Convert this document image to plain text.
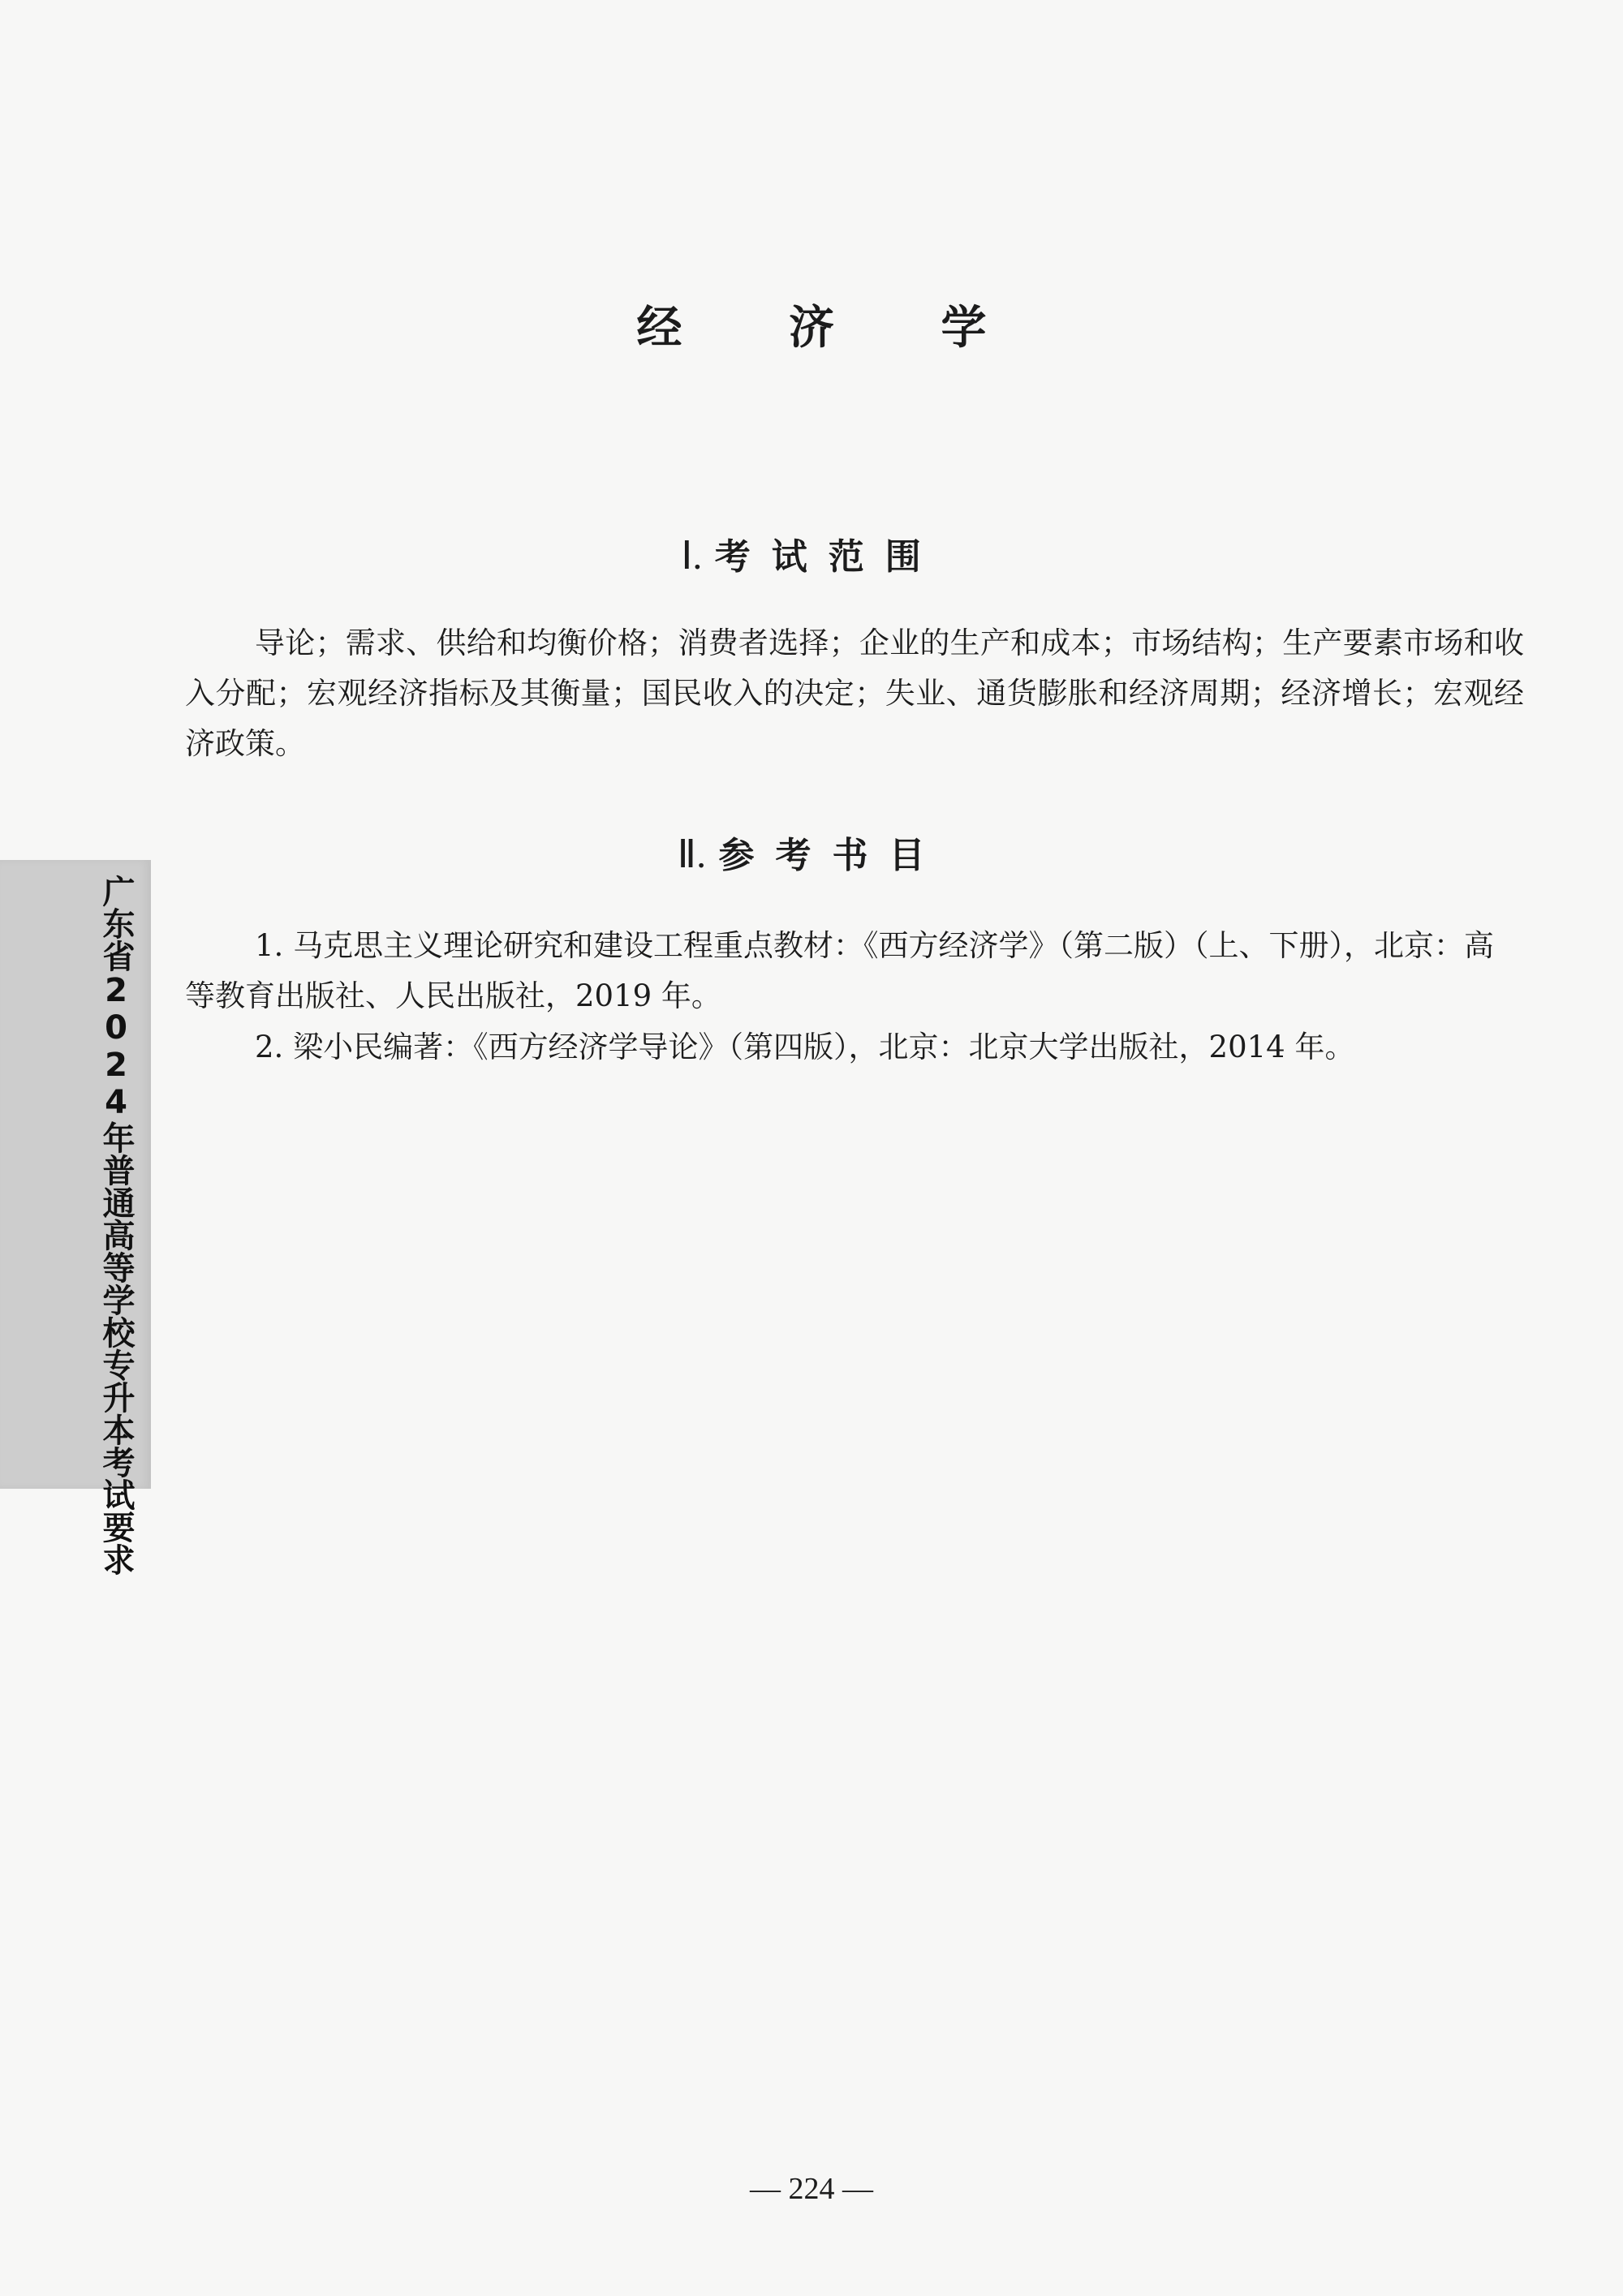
经 济 学
Ⅰ. 考试范围

导论；需求、供给和均衡价格；消费者选择；企业的生产和成本；市场结构；生产要素市场和收入分配；宏观经济指标及其衡量；国民收入的决定；失业、通货膨胀和经济周期；经济增长；宏观经济政策。

Ⅱ. 参考书目

1. 马克思主义理论研究和建设工程重点教材：《西方经济学》（第二版）（上、下册），北京：高等教育出版社、人民出版社，2019 年。

2. 梁小民编著：《西方经济学导论》（第四版），北京：北京大学出版社，2014 年。

广东省2024年普通高等学校专升本考试要求

— 224 —
